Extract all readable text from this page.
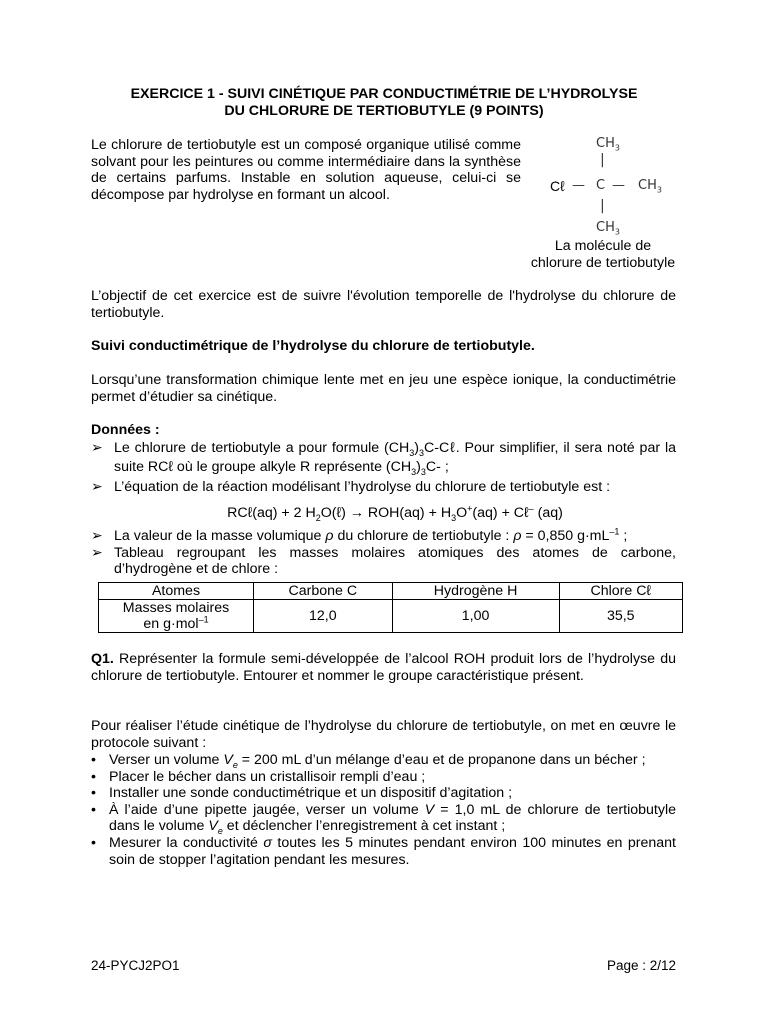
EXERCICE 1 - SUIVI CINÉTIQUE PAR CONDUCTIMÉTRIE DE L’HYDROLYSE
DU CHLORURE DE TERTIOBUTYLE (9 POINTS)
Le chlorure de tertiobutyle est un composé organique utilisé comme solvant pour les peintures ou comme intermédiaire dans la synthèse de certains parfums. Instable en solution aqueuse, celui-ci se décompose par hydrolyse en formant un alcool.
$CH_3$
|
Cℓ — C — $CH_3$
|
$CH_3$
La molécule de
chlorure de tertiobutyle
L’objectif de cet exercice est de suivre l'évolution temporelle de l'hydrolyse du chlorure de tertiobutyle.
Suivi conductimétrique de l’hydrolyse du chlorure de tertiobutyle.
Lorsqu’une transformation chimique lente met en jeu une espèce ionique, la conductimétrie permet d’étudier sa cinétique.
Données :
➢ Le chlorure de tertiobutyle a pour formule $(CH_3)_3C-C\ell$. Pour simplifier, il sera noté par la suite RCℓ où le groupe alkyle R représente $(CH_3)_3C-$ ;
➢ L’équation de la réaction modélisant l’hydrolyse du chlorure de tertiobutyle est :
RCℓ(aq) + 2 $H_2O(\ell) \to ROH(aq) + H_3O^+(aq)$ + Cℓ– (aq)
➢ La valeur de la masse volumique ρ du chlorure de tertiobutyle : ρ = 0,850 $g\cdot mL^{-1}$ ;
➢ Tableau regroupant les masses molaires atomiques des atomes de carbone, d’hydrogène et de chlore :
Atomes	Carbone C	Hydrogène H	Chlore Cℓ
Masses molaires
en g·mol$^{-1}$	12,0	1,00	35,5
Q1. Représenter la formule semi-développée de l’alcool ROH produit lors de l’hydrolyse du chlorure de tertiobutyle. Entourer et nommer le groupe caractéristique présent.
Pour réaliser l’étude cinétique de l’hydrolyse du chlorure de tertiobutyle, on met en œuvre le protocole suivant :
• Verser un volume $V_e = 200$ mL d’un mélange d’eau et de propanone dans un bécher ;
• Placer le bécher dans un cristallisoir rempli d’eau ;
• Installer une sonde conductimétrique et un dispositif d’agitation ;
• À l’aide d’une pipette jaugée, verser un volume V = 1,0 mL de chlorure de tertiobutyle dans le volume $V_e$ et déclencher l’enregistrement à cet instant ;
• Mesurer la conductivité σ toutes les 5 minutes pendant environ 100 minutes en prenant soin de stopper l’agitation pendant les mesures.
24-PYCJ2PO1	Page : 2/12
